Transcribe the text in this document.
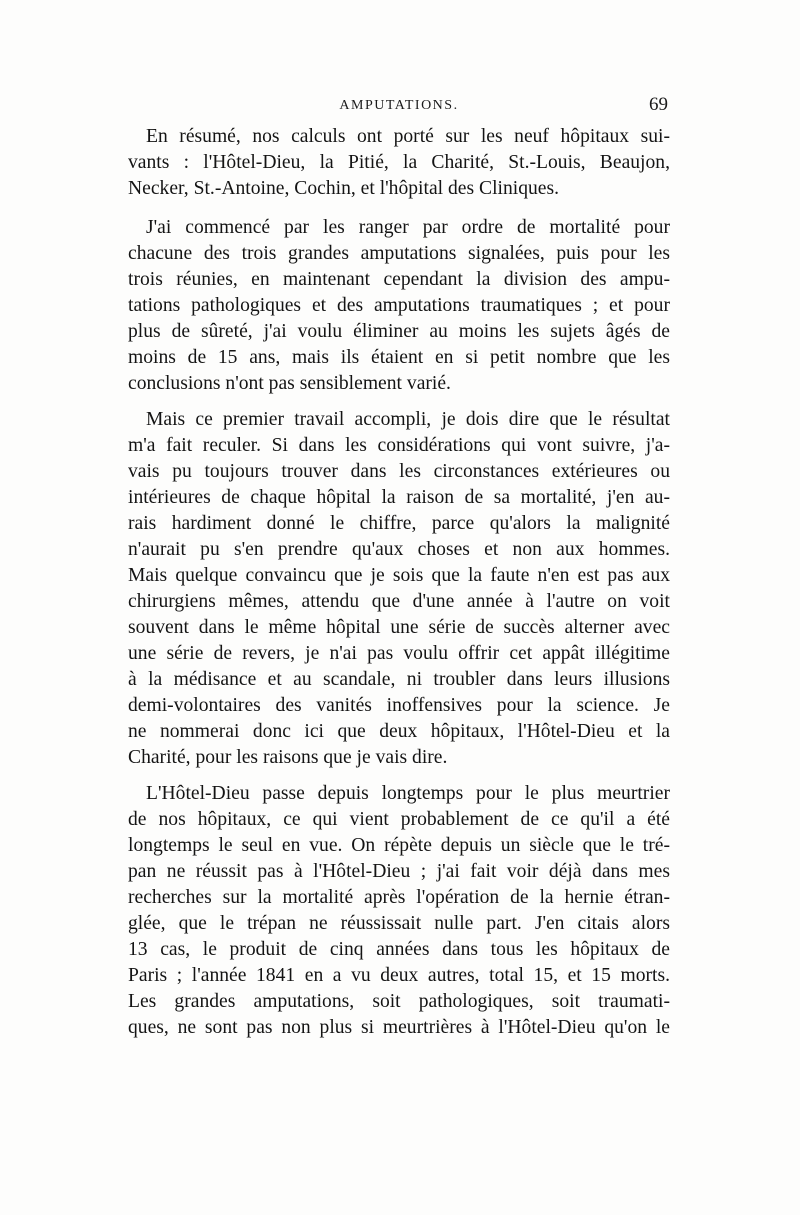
AMPUTATIONS.	69
En résumé, nos calculs ont porté sur les neuf hôpitaux sui-
vants : l'Hôtel-Dieu, la Pitié, la Charité, St.-Louis, Beaujon,
Necker, St.-Antoine, Cochin, et l'hôpital des Cliniques.
J'ai commencé par les ranger par ordre de mortalité pour
chacune des trois grandes amputations signalées, puis pour les
trois réunies, en maintenant cependant la division des ampu-
tations pathologiques et des amputations traumatiques ; et pour
plus de sûreté, j'ai voulu éliminer au moins les sujets âgés de
moins de 15 ans, mais ils étaient en si petit nombre que les
conclusions n'ont pas sensiblement varié.
Mais ce premier travail accompli, je dois dire que le résultat
m'a fait reculer. Si dans les considérations qui vont suivre, j'a-
vais pu toujours trouver dans les circonstances extérieures ou
intérieures de chaque hôpital la raison de sa mortalité, j'en au-
rais hardiment donné le chiffre, parce qu'alors la malignité
n'aurait pu s'en prendre qu'aux choses et non aux hommes.
Mais quelque convaincu que je sois que la faute n'en est pas aux
chirurgiens mêmes, attendu que d'une année à l'autre on voit
souvent dans le même hôpital une série de succès alterner avec
une série de revers, je n'ai pas voulu offrir cet appât illégitime
à la médisance et au scandale, ni troubler dans leurs illusions
demi-volontaires des vanités inoffensives pour la science. Je
ne nommerai donc ici que deux hôpitaux, l'Hôtel-Dieu et la
Charité, pour les raisons que je vais dire.
L'Hôtel-Dieu passe depuis longtemps pour le plus meurtrier
de nos hôpitaux, ce qui vient probablement de ce qu'il a été
longtemps le seul en vue. On répète depuis un siècle que le tré-
pan ne réussit pas à l'Hôtel-Dieu ; j'ai fait voir déjà dans mes
recherches sur la mortalité après l'opération de la hernie étran-
glée, que le trépan ne réussissait nulle part. J'en citais alors
13 cas, le produit de cinq années dans tous les hôpitaux de
Paris ; l'année 1841 en a vu deux autres, total 15, et 15 morts.
Les grandes amputations, soit pathologiques, soit traumati-
ques, ne sont pas non plus si meurtrières à l'Hôtel-Dieu qu'on le
